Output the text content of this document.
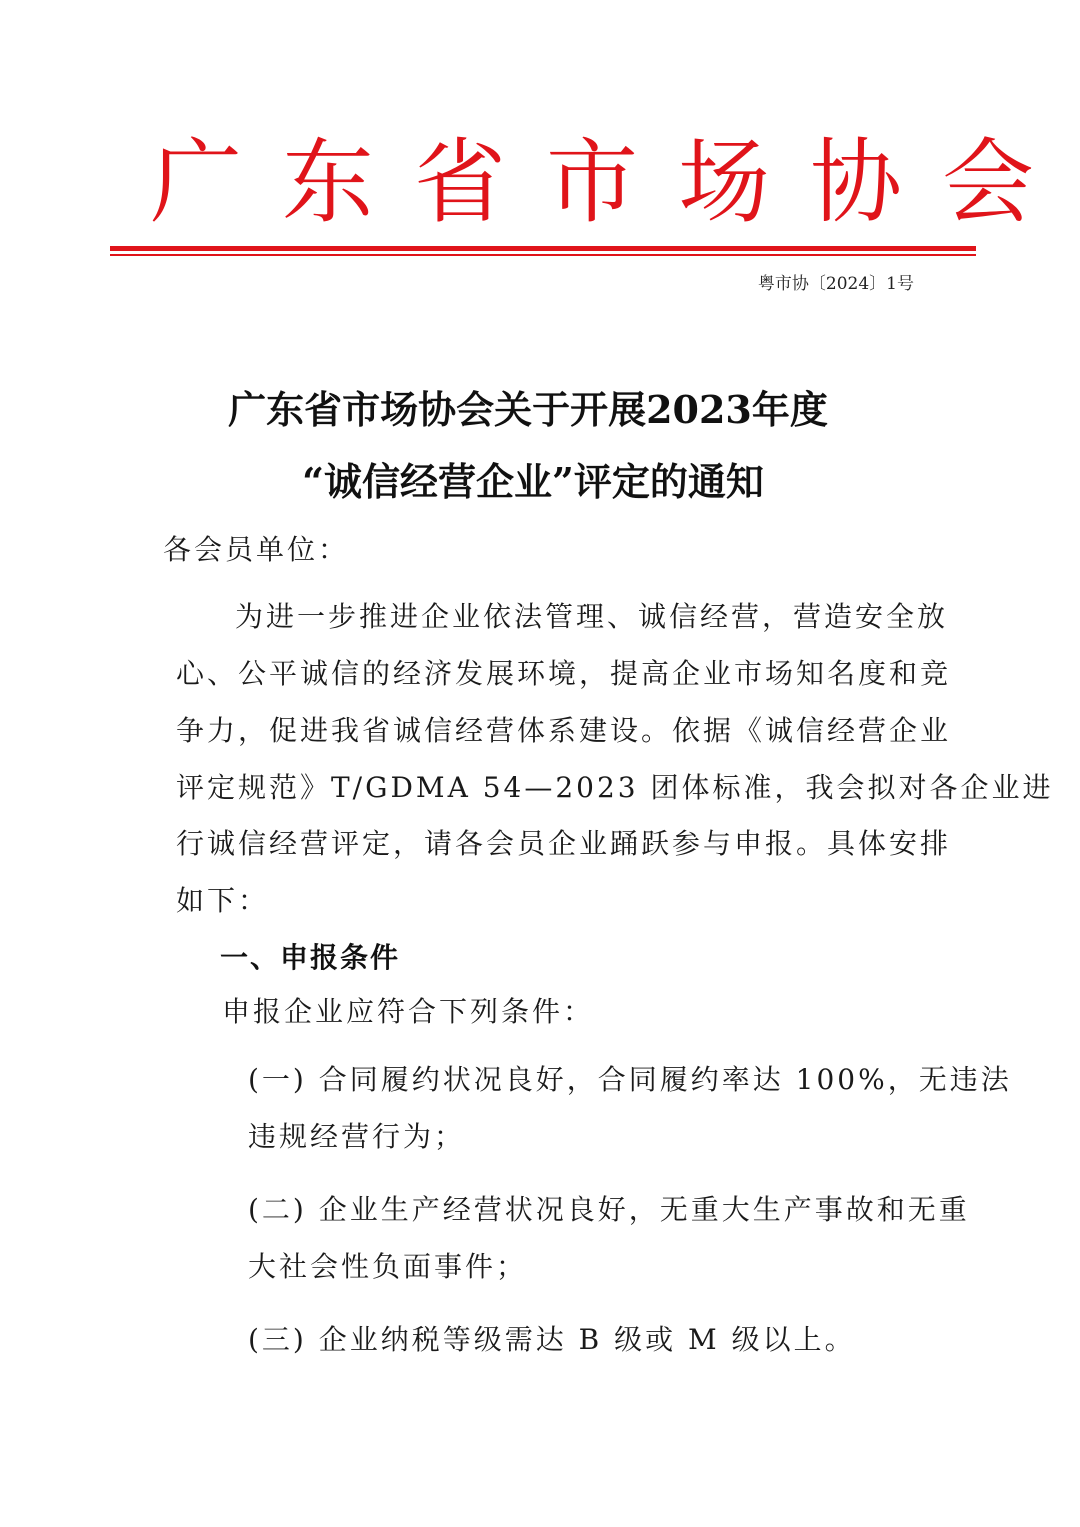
广东省市场协会
粤市协〔2024〕1号
广东省市场协会关于开展2023年度
“诚信经营企业”评定的通知
各会员单位：
为进一步推进企业依法管理、诚信经营，营造安全放
心、公平诚信的经济发展环境，提高企业市场知名度和竞
争力，促进我省诚信经营体系建设。依据《诚信经营企业
评定规范》T/GDMA 54—2023 团体标准，我会拟对各企业进
行诚信经营评定，请各会员企业踊跃参与申报。具体安排
如下：
一、申报条件
申报企业应符合下列条件：
(一) 合同履约状况良好，合同履约率达 100%，无违法
违规经营行为；
(二) 企业生产经营状况良好，无重大生产事故和无重
大社会性负面事件；
(三) 企业纳税等级需达 B 级或 M 级以上。
